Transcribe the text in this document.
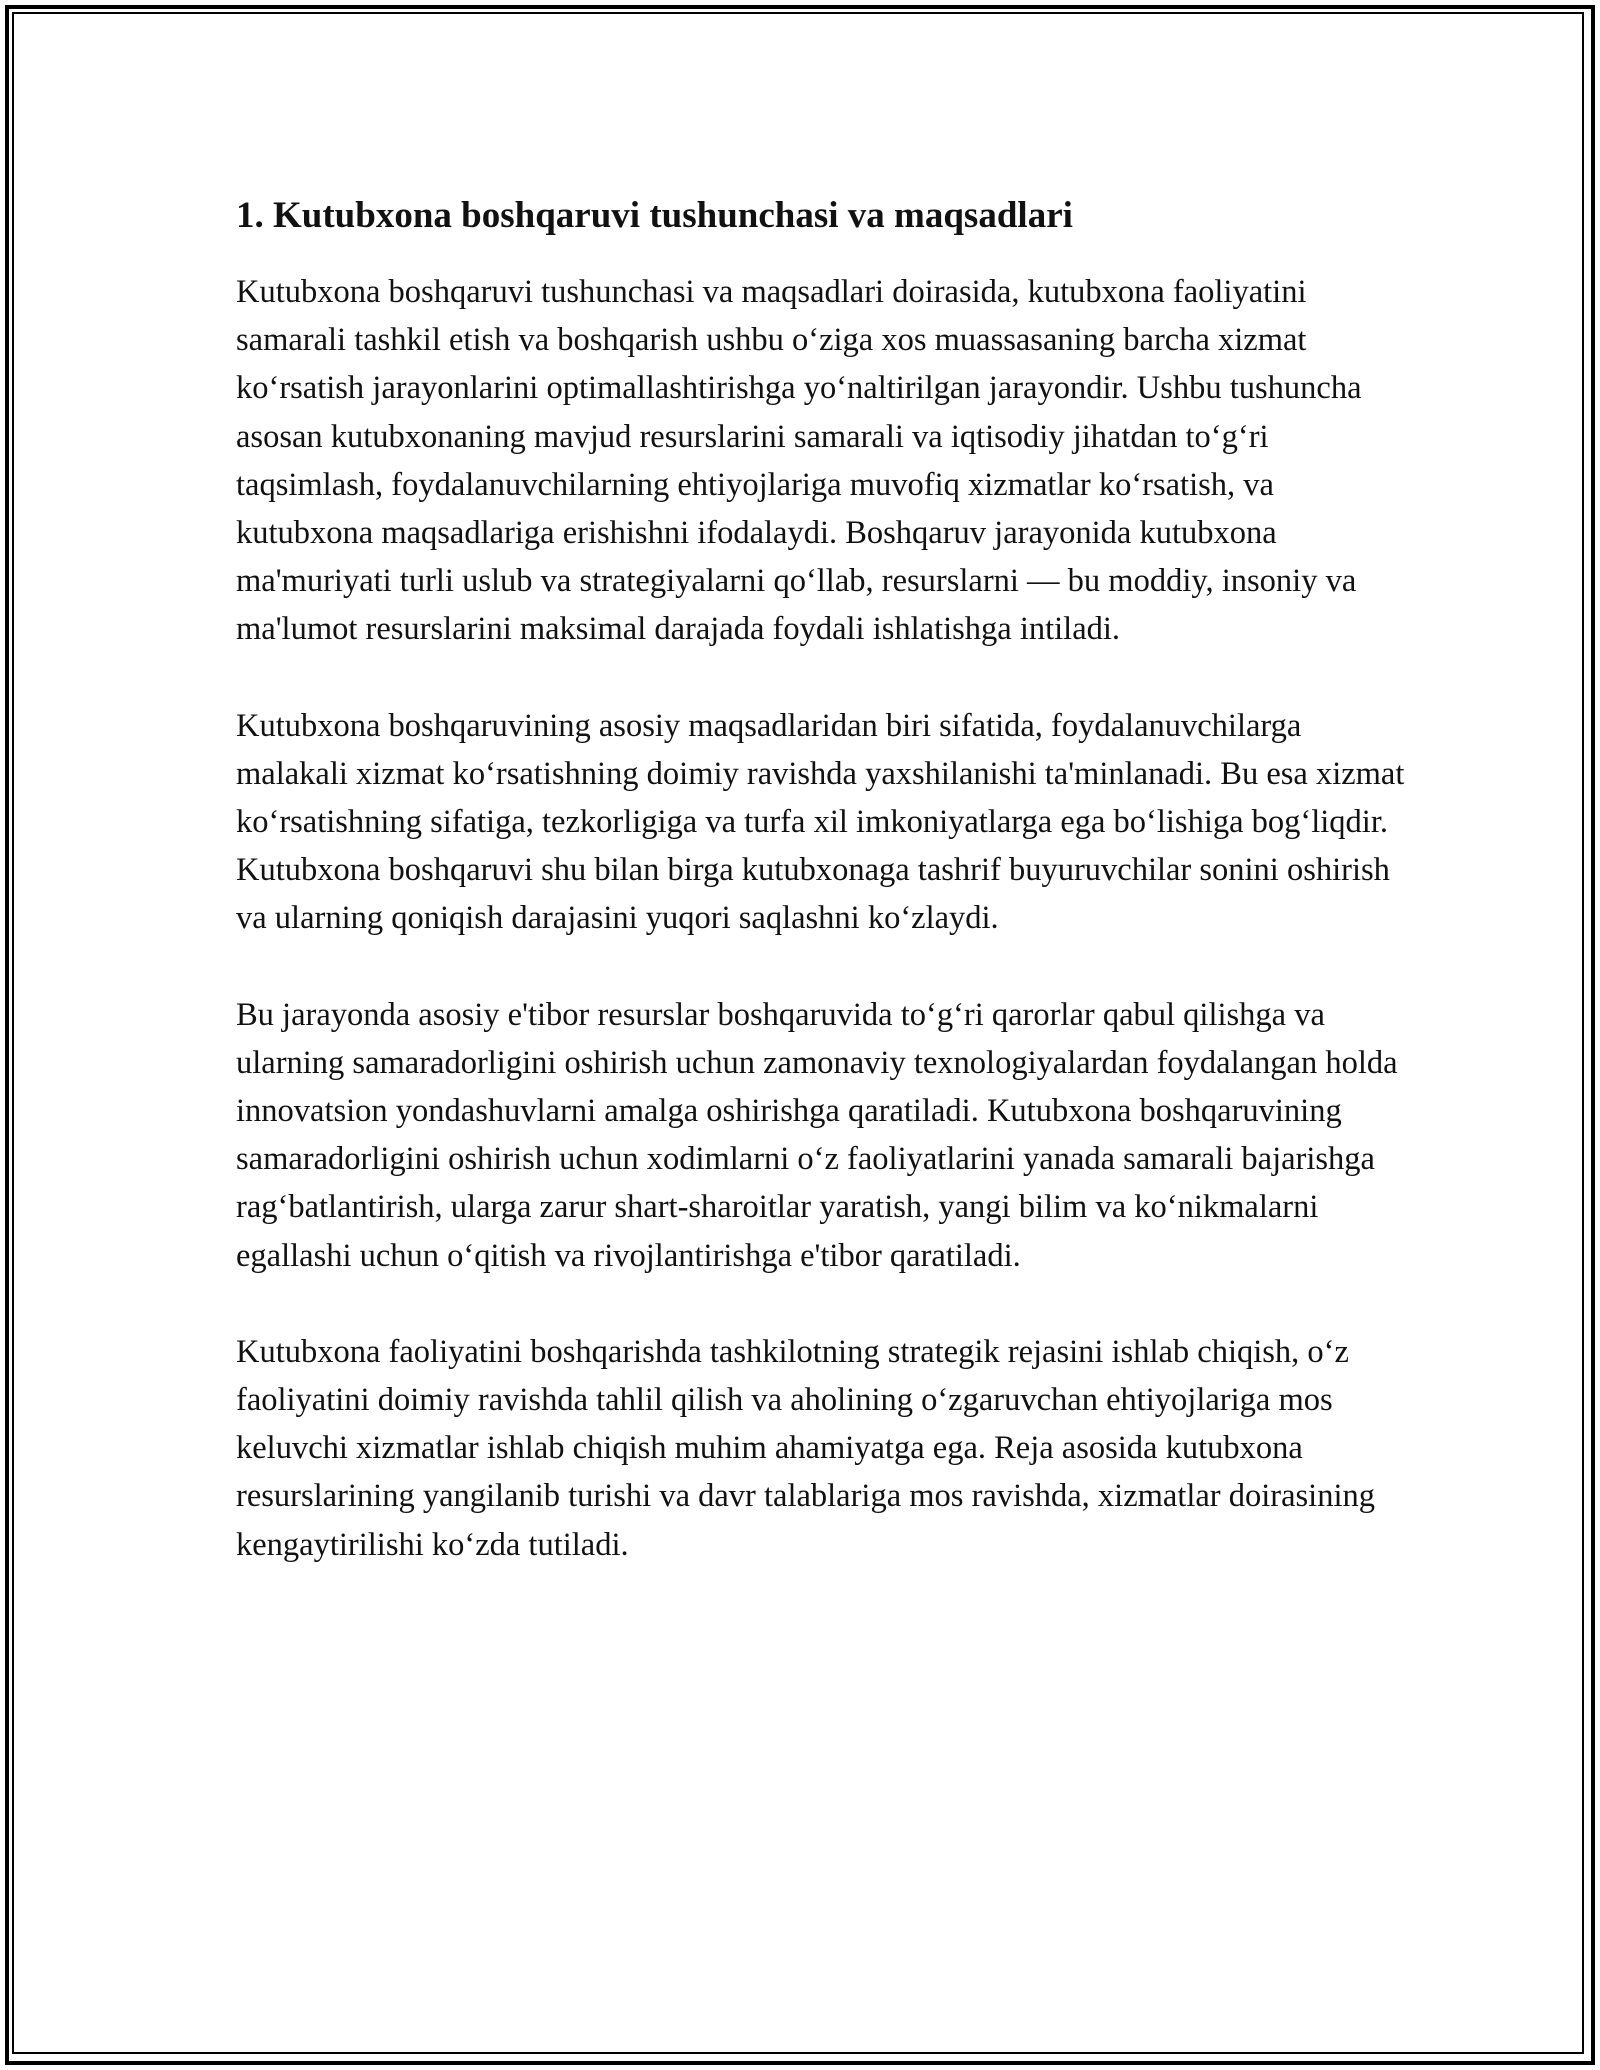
1. Kutubxona boshqaruvi tushunchasi va maqsadlari

Kutubxona boshqaruvi tushunchasi va maqsadlari doirasida, kutubxona faoliyatini samarali tashkil etish va boshqarish ushbu oʻziga xos muassasaning barcha xizmat koʻrsatish jarayonlarini optimallashtirishga yoʻnaltirilgan jarayondir. Ushbu tushuncha asosan kutubxonaning mavjud resurslarini samarali va iqtisodiy jihatdan toʻgʻri taqsimlash, foydalanuvchilarning ehtiyojlariga muvofiq xizmatlar koʻrsatish, va kutubxona maqsadlariga erishishni ifodalaydi. Boshqaruv jarayonida kutubxona ma'muriyati turli uslub va strategiyalarni qoʻllab, resurslarni — bu moddiy, insoniy va ma'lumot resurslarini maksimal darajada foydali ishlatishga intiladi.

Kutubxona boshqaruvining asosiy maqsadlaridan biri sifatida, foydalanuvchilarga malakali xizmat koʻrsatishning doimiy ravishda yaxshilanishi ta'minlanadi. Bu esa xizmat koʻrsatishning sifatiga, tezkorligiga va turfa xil imkoniyatlarga ega boʻlishiga bogʻliqdir. Kutubxona boshqaruvi shu bilan birga kutubxonaga tashrif buyuruvchilar sonini oshirish va ularning qoniqish darajasini yuqori saqlashni koʻzlaydi.

Bu jarayonda asosiy e'tibor resurslar boshqaruvida toʻgʻri qarorlar qabul qilishga va ularning samaradorligini oshirish uchun zamonaviy texnologiyalardan foydalangan holda innovatsion yondashuvlarni amalga oshirishga qaratiladi. Kutubxona boshqaruvining samaradorligini oshirish uchun xodimlarni oʻz faoliyatlarini yanada samarali bajarishga ragʻbatlantirish, ularga zarur shart-sharoitlar yaratish, yangi bilim va koʻnikmalarni egallashi uchun oʻqitish va rivojlantirishga e'tibor qaratiladi.

Kutubxona faoliyatini boshqarishda tashkilotning strategik rejasini ishlab chiqish, oʻz faoliyatini doimiy ravishda tahlil qilish va aholining oʻzgaruvchan ehtiyojlariga mos keluvchi xizmatlar ishlab chiqish muhim ahamiyatga ega. Reja asosida kutubxona resurslarining yangilanib turishi va davr talablariga mos ravishda, xizmatlar doirasining kengaytirilishi koʻzda tutiladi.
